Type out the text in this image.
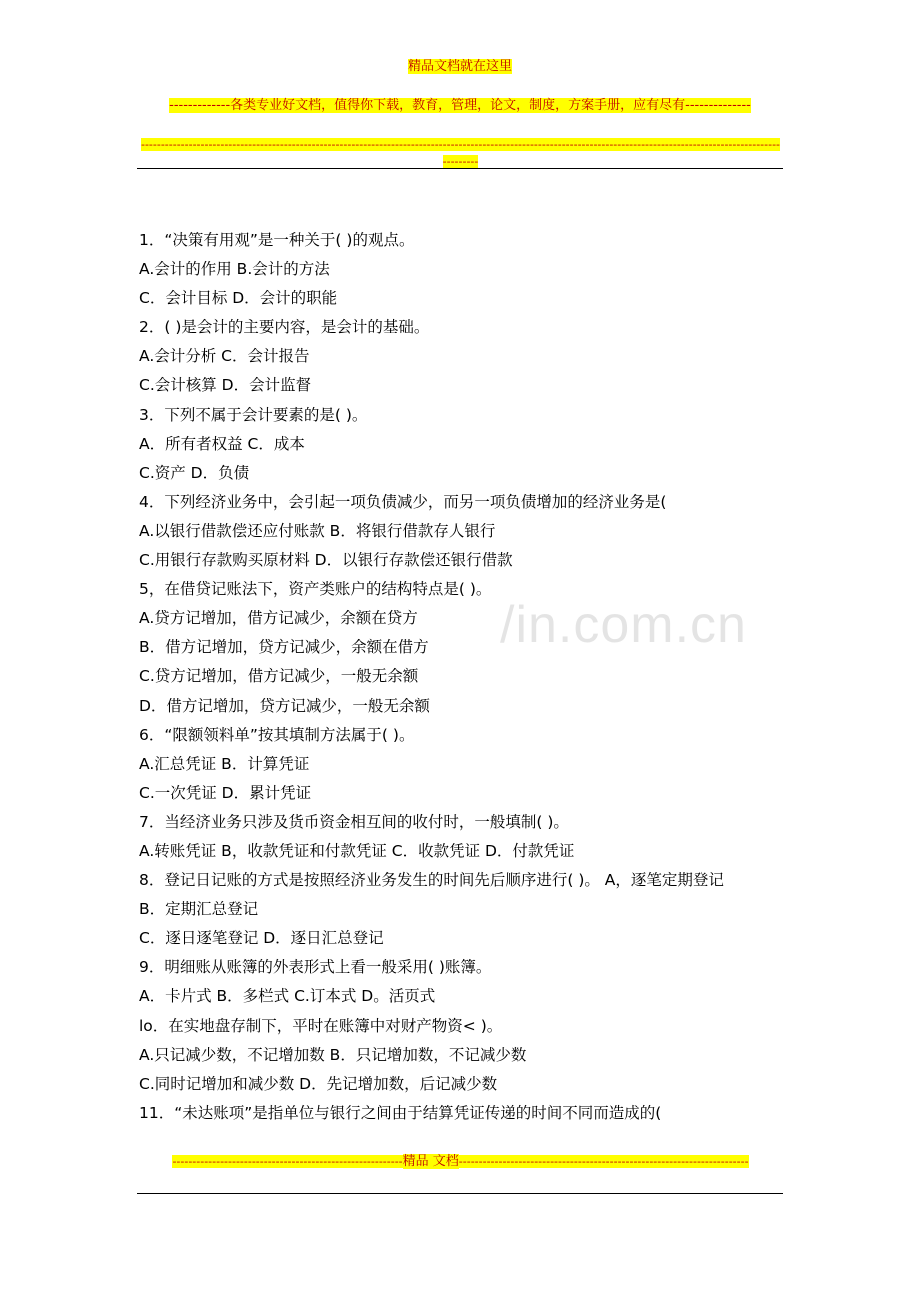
精品文档就在这里
-------------各类专业好文档，值得你下载，教育，管理，论文，制度，方案手册，应有尽有--------------
--------------------------------------------------------------------------------------------------------------------------------------------------------------------------
/in.com.cn
1．“决策有用观”是一种关于( )的观点。
A.会计的作用 B.会计的方法
C．会计目标 D．会计的职能
2．( )是会计的主要内容，是会计的基础。
A.会计分析 C．会计报告
C.会计核算 D．会计监督
3．下列不属于会计要素的是( )。
A．所有者权益 C．成本
C.资产 D．负债
4．下列经济业务中，会引起一项负债减少，而另一项负债增加的经济业务是(
A.以银行借款偿还应付账款 B．将银行借款存人银行
C.用银行存款购买原材料 D．以银行存款偿还银行借款
5，在借贷记账法下，资产类账户的结构特点是( )。
A.贷方记增加，借方记减少，余额在贷方
B．借方记增加，贷方记减少，余额在借方
C.贷方记增加，借方记减少，一般无余额
D．借方记增加，贷方记减少，一般无余额
6．“限额领料单”按其填制方法属于( )。
A.汇总凭证 B．计算凭证
C.一次凭证 D．累计凭证
7．当经济业务只涉及货币资金相互间的收付时，一般填制( )。
A.转账凭证 B，收款凭证和付款凭证 C．收款凭证 D．付款凭证
8．登记日记账的方式是按照经济业务发生的时间先后顺序进行( )。 A，逐笔定期登记
B．定期汇总登记
C．逐日逐笔登记 D．逐日汇总登记
9．明细账从账簿的外表形式上看一般采用( )账簿。
A．卡片式 B．多栏式 C.订本式 D。活页式
lo．在实地盘存制下，平时在账簿中对财产物资< )。
A.只记减少数，不记增加数 B．只记增加数，不记减少数
C.同时记增加和减少数 D．先记增加数，后记减少数
11．“未达账项”是指单位与银行之间由于结算凭证传递的时间不同而造成的(
----------------------------------------------------------精品 文档-------------------------------------------------------------------------
